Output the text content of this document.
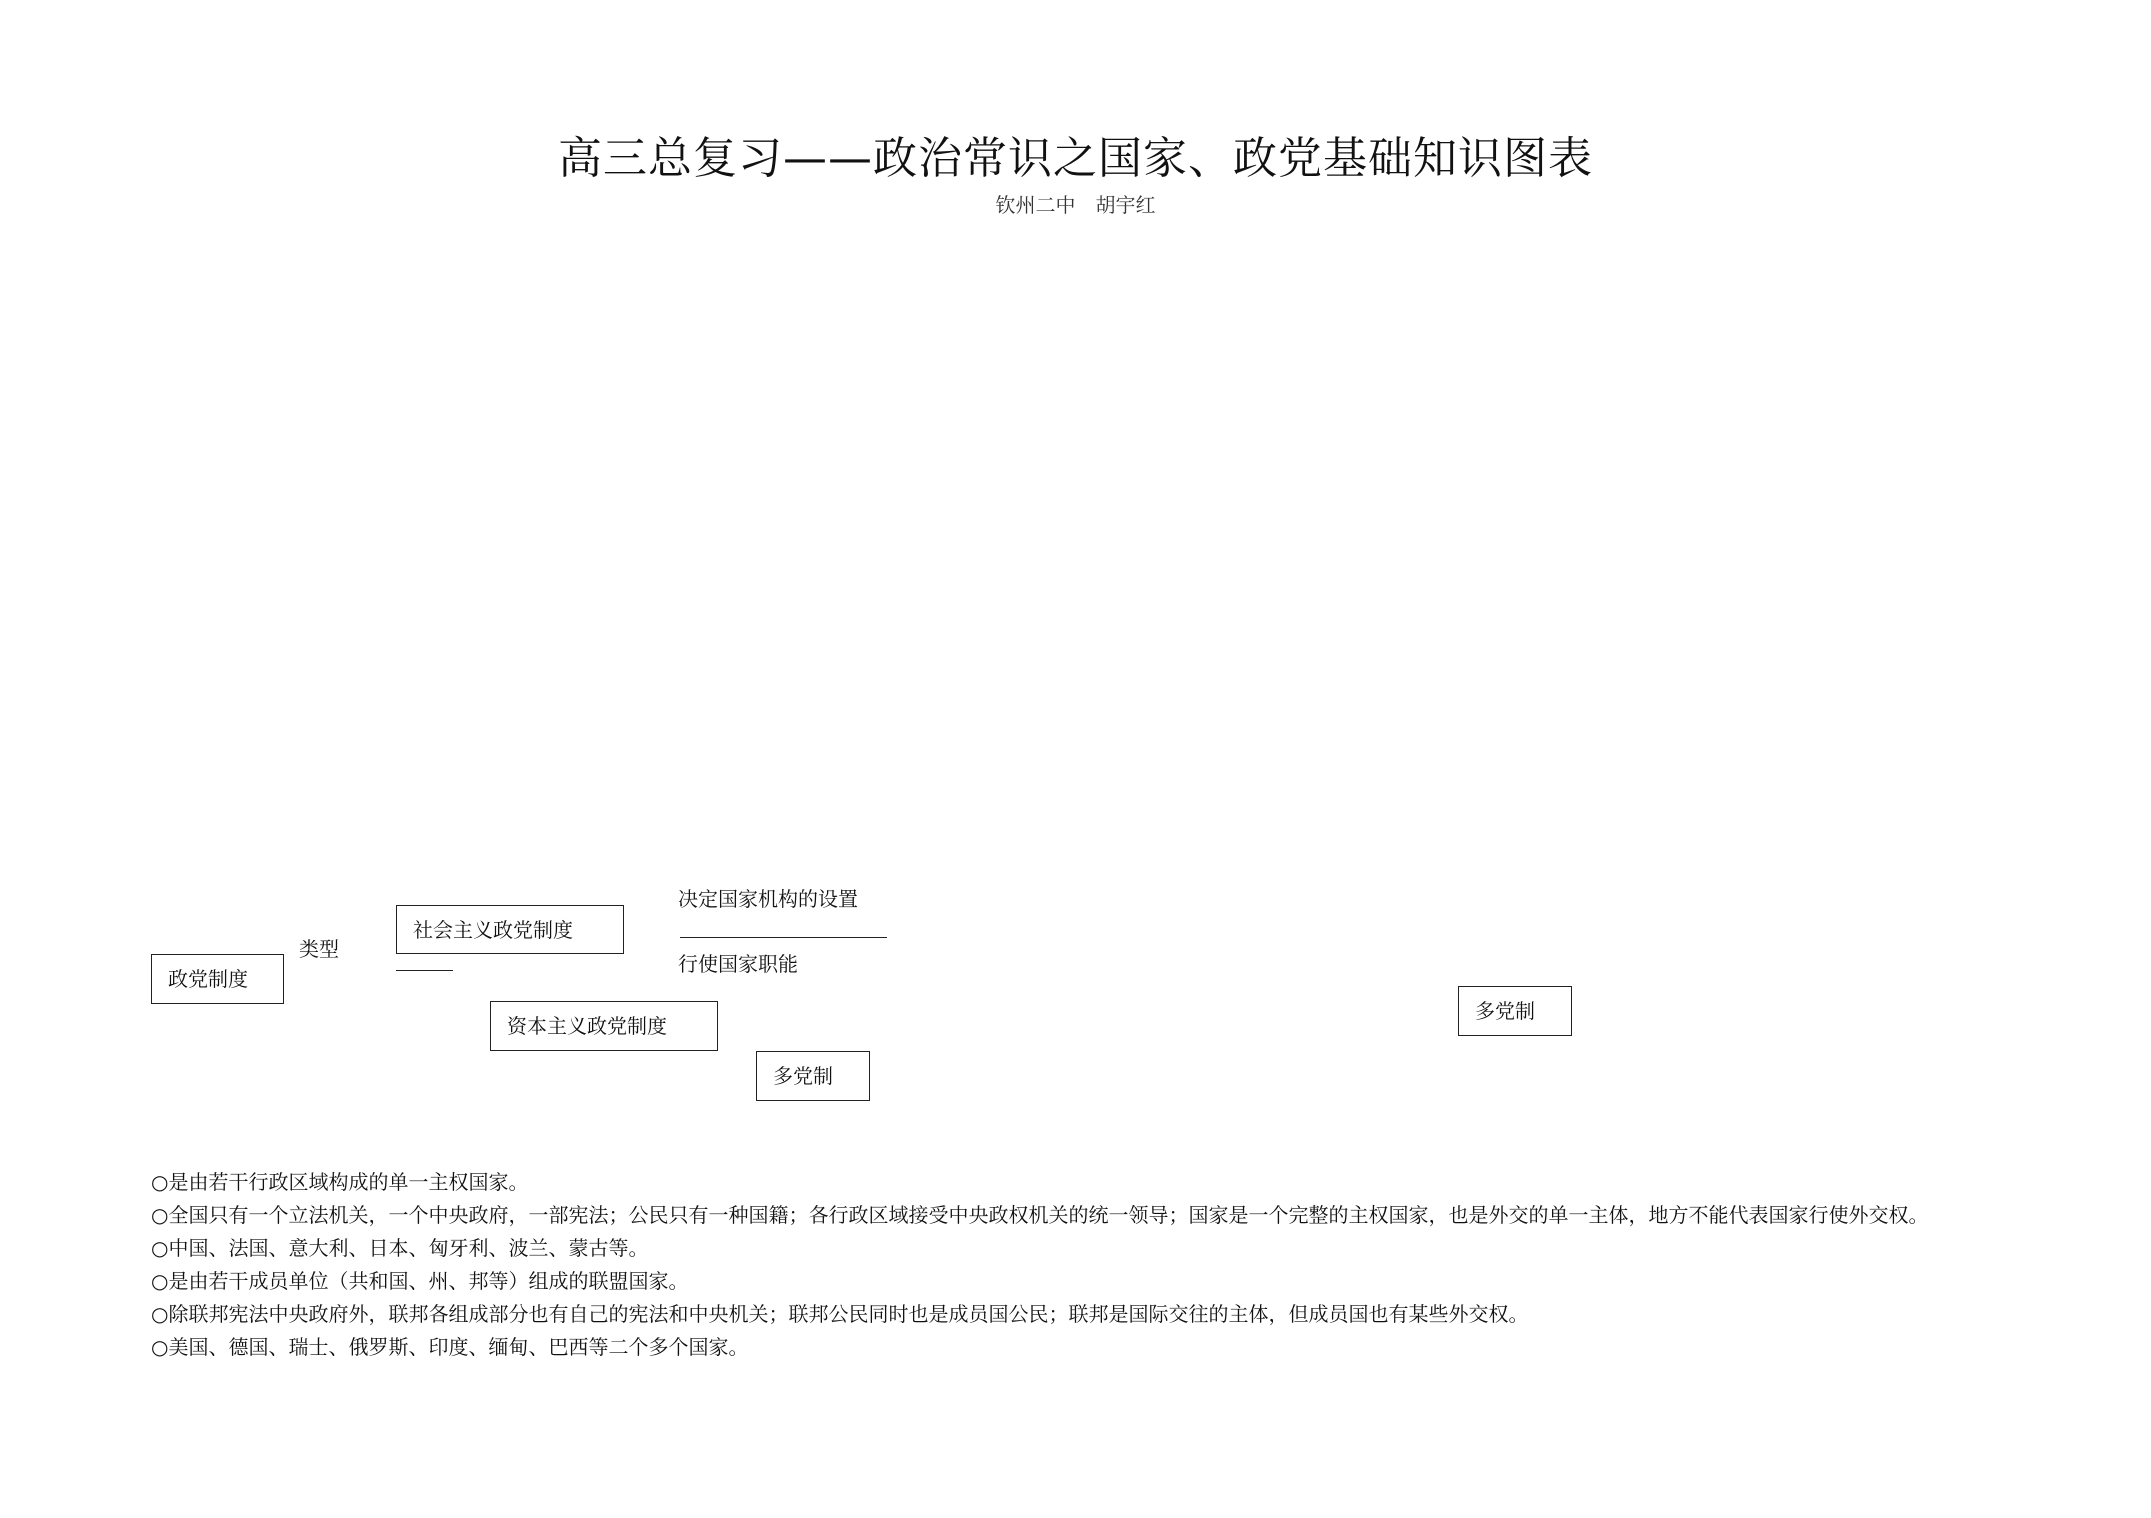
高三总复习——政治常识之国家、政党基础知识图表
钦州二中　胡宇红
政党制度
类型
社会主义政党制度
决定国家机构的设置
行使国家职能
资本主义政党制度
多党制
多党制

○是由若干行政区域构成的单一主权国家。

○全国只有一个立法机关，一个中央政府，一部宪法；公民只有一种国籍；各行政区域接受中央政权机关的统一领导；国家是一个完整的主权国家，也是外交的单一主体，地方不能代表国家行使外交权。

○中国、法国、意大利、日本、匈牙利、波兰、蒙古等。

○是由若干成员单位（共和国、州、邦等）组成的联盟国家。

○除联邦宪法中央政府外，联邦各组成部分也有自己的宪法和中央机关；联邦公民同时也是成员国公民；联邦是国际交往的主体，但成员国也有某些外交权。

○美国、德国、瑞士、俄罗斯、印度、缅甸、巴西等二个多个国家。
